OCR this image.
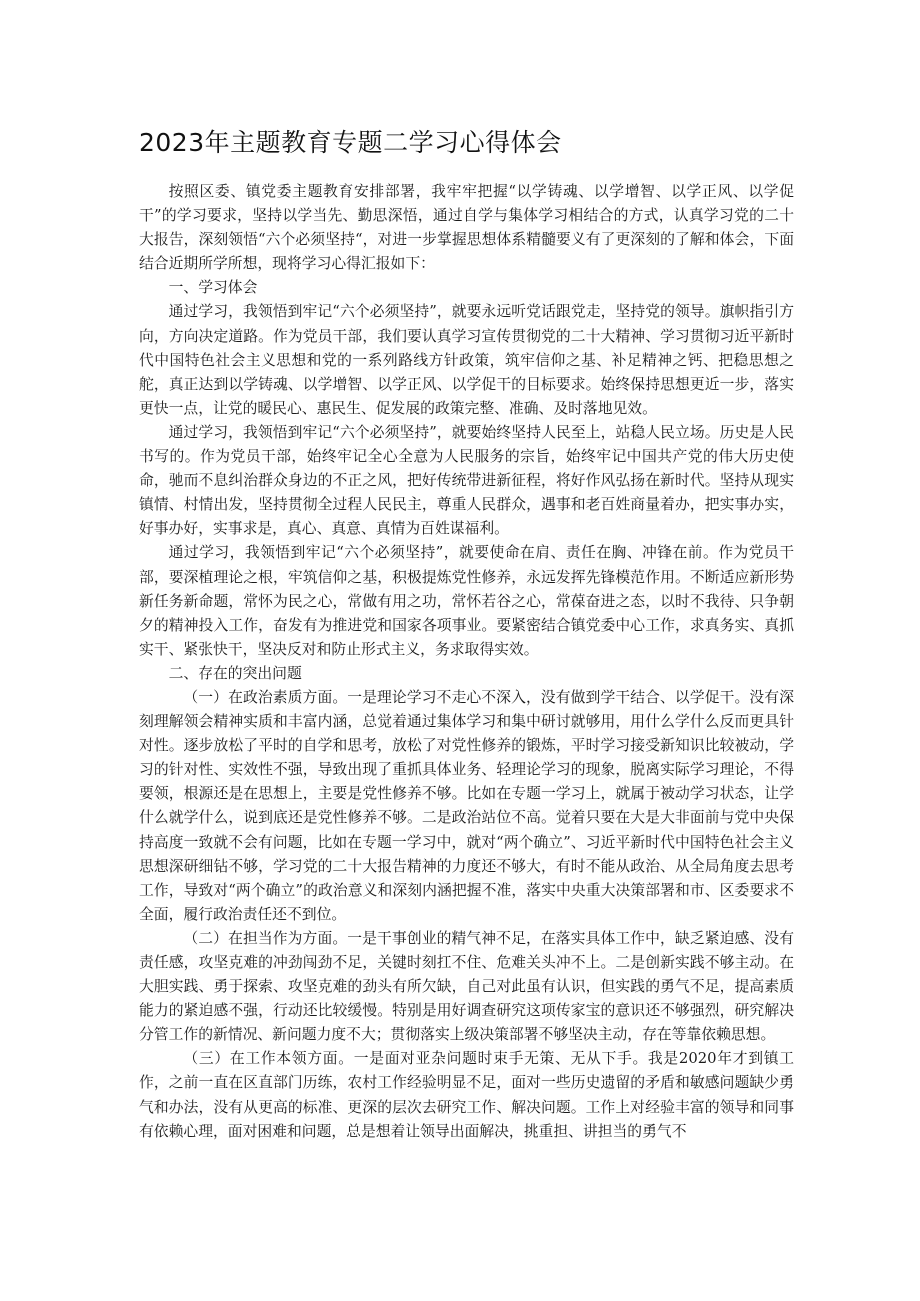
2023年主题教育专题二学习心得体会

按照区委、镇党委主题教育安排部署，我牢牢把握“以学铸魂、以学增智、以学正风、以学促干”的学习要求，坚持以学当先、勤思深悟，通过自学与集体学习相结合的方式，认真学习党的二十大报告，深刻领悟“六个必须坚持“，对进一步掌握思想体系精髓要义有了更深刻的了解和体会，下面结合近期所学所想，现将学习心得汇报如下：

一、学习体会

通过学习，我领悟到牢记“六个必须坚持”，就要永远听党话跟党走，坚持党的领导。旗帜指引方向，方向决定道路。作为党员干部，我们要认真学习宣传贯彻党的二十大精神、学习贯彻习近平新时代中国特色社会主义思想和党的一系列路线方针政策，筑牢信仰之基、补足精神之钙、把稳思想之舵，真正达到以学铸魂、以学增智、以学正风、以学促干的目标要求。始终保持思想更近一步，落实更快一点，让党的暖民心、惠民生、促发展的政策完整、准确、及时落地见效。

通过学习，我领悟到牢记“六个必须坚持”，就要始终坚持人民至上，站稳人民立场。历史是人民书写的。作为党员干部，始终牢记全心全意为人民服务的宗旨，始终牢记中国共产党的伟大历史使命，驰而不息纠治群众身边的不正之风，把好传统带进新征程，将好作风弘扬在新时代。坚持从现实镇情、村情出发，坚持贯彻全过程人民民主，尊重人民群众，遇事和老百姓商量着办，把实事办实，好事办好，实事求是，真心、真意、真情为百姓谋福利。

通过学习，我领悟到牢记“六个必须坚持”，就要使命在肩、责任在胸、冲锋在前。作为党员干部，要深植理论之根，牢筑信仰之基，积极提炼党性修养，永远发挥先锋模范作用。不断适应新形势新任务新命题，常怀为民之心，常做有用之功，常怀若谷之心，常葆奋进之态，以时不我待、只争朝夕的精神投入工作，奋发有为推进党和国家各项事业。要紧密结合镇党委中心工作，求真务实、真抓实干、紧张快干，坚决反对和防止形式主义，务求取得实效。

二、存在的突出问题

（一）在政治素质方面。一是理论学习不走心不深入，没有做到学干结合、以学促干。没有深刻理解领会精神实质和丰富内涵，总觉着通过集体学习和集中研讨就够用，用什么学什么反而更具针对性。逐步放松了平时的自学和思考，放松了对党性修养的锻炼，平时学习接受新知识比较被动，学习的针对性、实效性不强，导致出现了重抓具体业务、轻理论学习的现象，脱离实际学习理论，不得要领，根源还是在思想上，主要是党性修养不够。比如在专题一学习上，就属于被动学习状态，让学什么就学什么，说到底还是党性修养不够。二是政治站位不高。觉着只要在大是大非面前与党中央保持高度一致就不会有问题，比如在专题一学习中，就对“两个确立”、习近平新时代中国特色社会主义思想深研细钻不够，学习党的二十大报告精神的力度还不够大，有时不能从政治、从全局角度去思考工作，导致对“两个确立”的政治意义和深刻内涵把握不准，落实中央重大决策部署和市、区委要求不全面，履行政治责任还不到位。

（二）在担当作为方面。一是干事创业的精气神不足，在落实具体工作中，缺乏紧迫感、没有责任感，攻坚克难的冲劲闯劲不足，关键时刻扛不住、危难关头冲不上。二是创新实践不够主动。在大胆实践、勇于探索、攻坚克难的劲头有所欠缺，自己对此虽有认识，但实践的勇气不足，提高素质能力的紧迫感不强，行动还比较缓慢。特别是用好调查研究这项传家宝的意识还不够强烈，研究解决分管工作的新情况、新问题力度不大；贯彻落实上级决策部署不够坚决主动，存在等靠依赖思想。

（三）在工作本领方面。一是面对亚杂问题时束手无策、无从下手。我是2020年才到镇工作，之前一直在区直部门历练，农村工作经验明显不足，面对一些历史遗留的矛盾和敏感问题缺少勇气和办法，没有从更高的标准、更深的层次去研究工作、解决问题。工作上对经验丰富的领导和同事有依赖心理，面对困难和问题，总是想着让领导出面解决，挑重担、讲担当的勇气不
